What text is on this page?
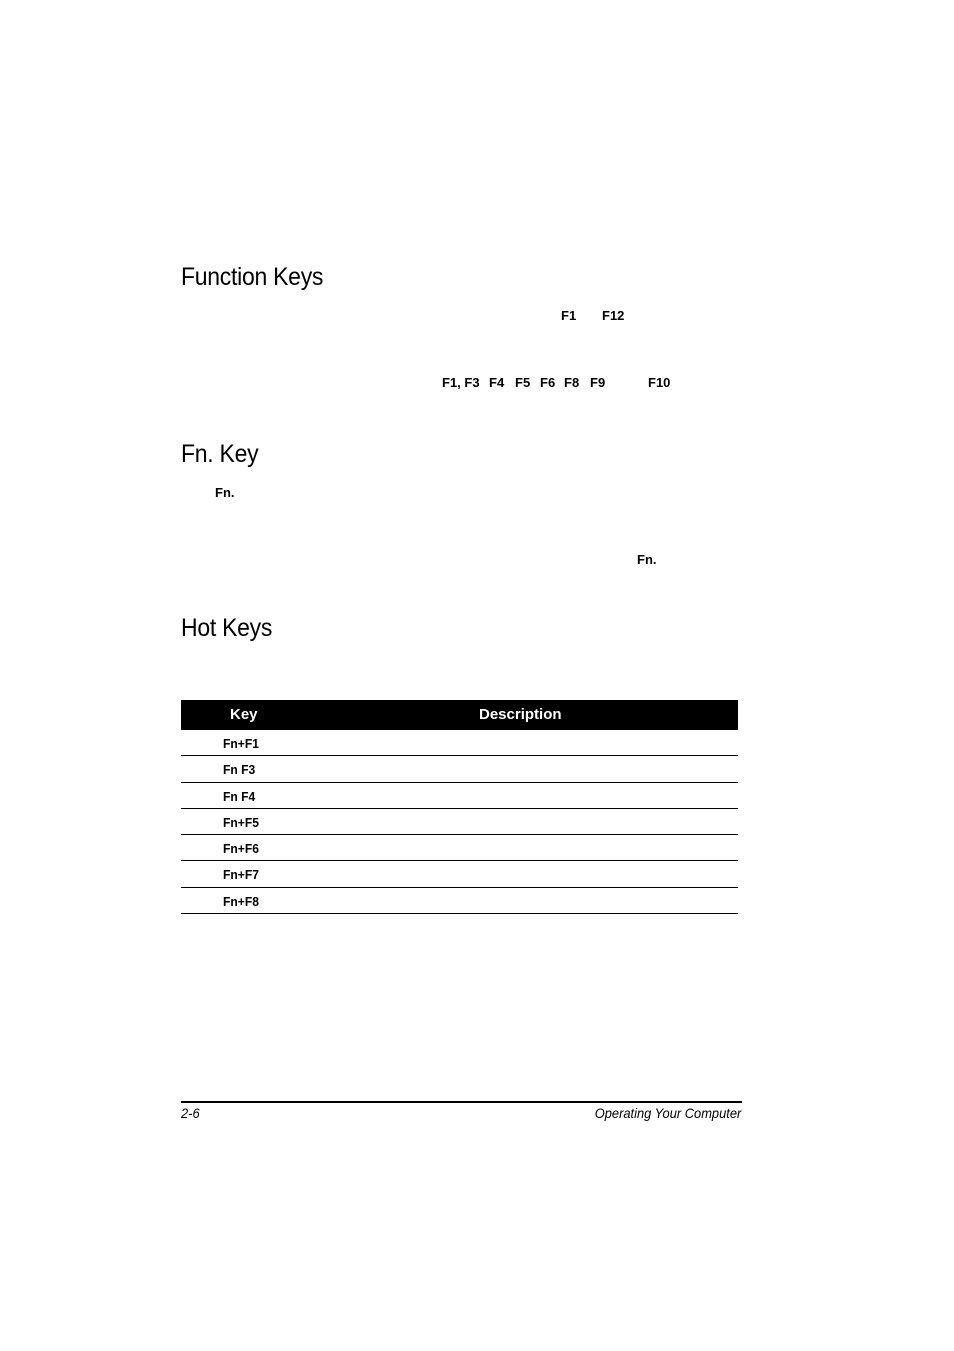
Function Keys
F1 F12
F1, F3 F4 F5 F6 F8 F9	F10
Fn. Key
Fn.
Fn.
Hot Keys
Key	Description
Fn+F1
Fn F3
Fn F4
Fn+F5
Fn+F6
Fn+F7
Fn+F8
2-6	Operating Your Computer
